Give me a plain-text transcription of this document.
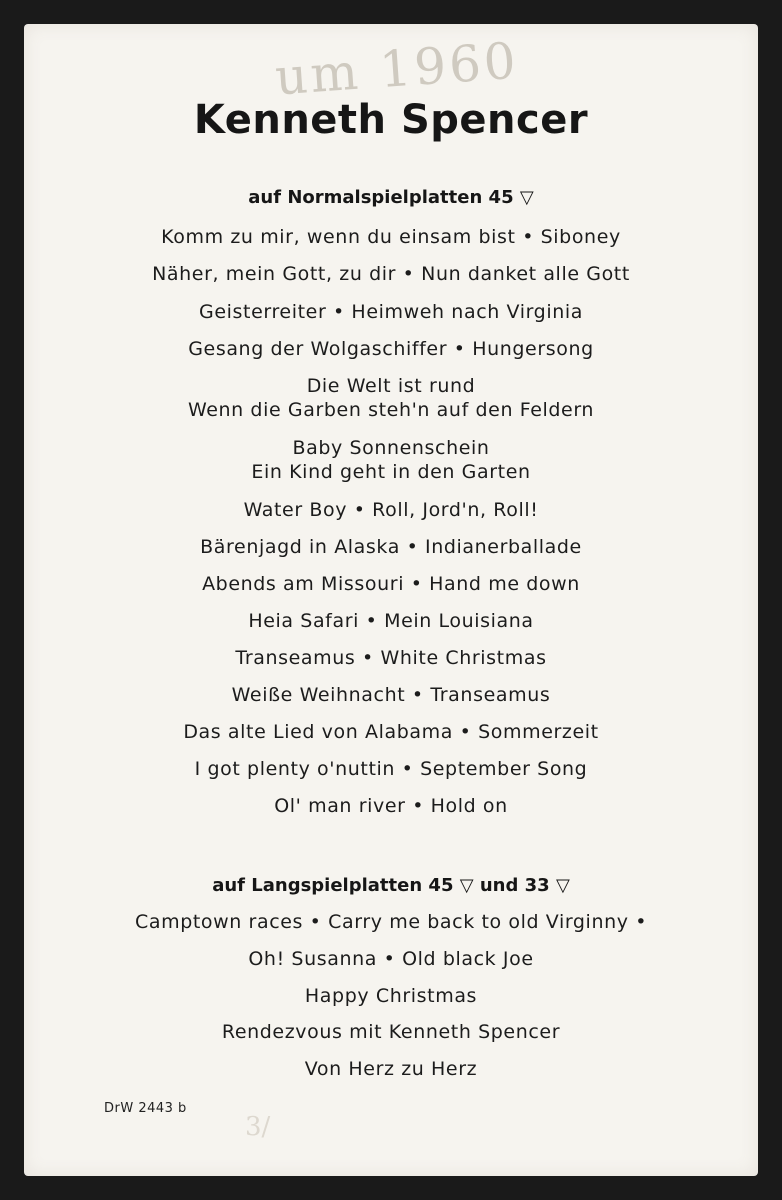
um 1960
3/
Kenneth Spencer
auf Normalspielplatten 45 ▽
Komm zu mir, wenn du einsam bist • Siboney
Näher, mein Gott, zu dir • Nun danket alle Gott
Geisterreiter • Heimweh nach Virginia
Gesang der Wolgaschiffer • Hungersong
Die Welt ist rund
Wenn die Garben steh'n auf den Feldern
Baby Sonnenschein
Ein Kind geht in den Garten
Water Boy • Roll, Jord'n, Roll!
Bärenjagd in Alaska • Indianerballade
Abends am Missouri • Hand me down
Heia Safari • Mein Louisiana
Transeamus • White Christmas
Weiße Weihnacht • Transeamus
Das alte Lied von Alabama • Sommerzeit
I got plenty o'nuttin • September Song
Ol' man river • Hold on
auf Langspielplatten 45 ▽ und 33 ▽
Camptown races • Carry me back to old Virginny •
Oh! Susanna • Old black Joe
Happy Christmas
Rendezvous mit Kenneth Spencer
Von Herz zu Herz
DrW 2443 b
